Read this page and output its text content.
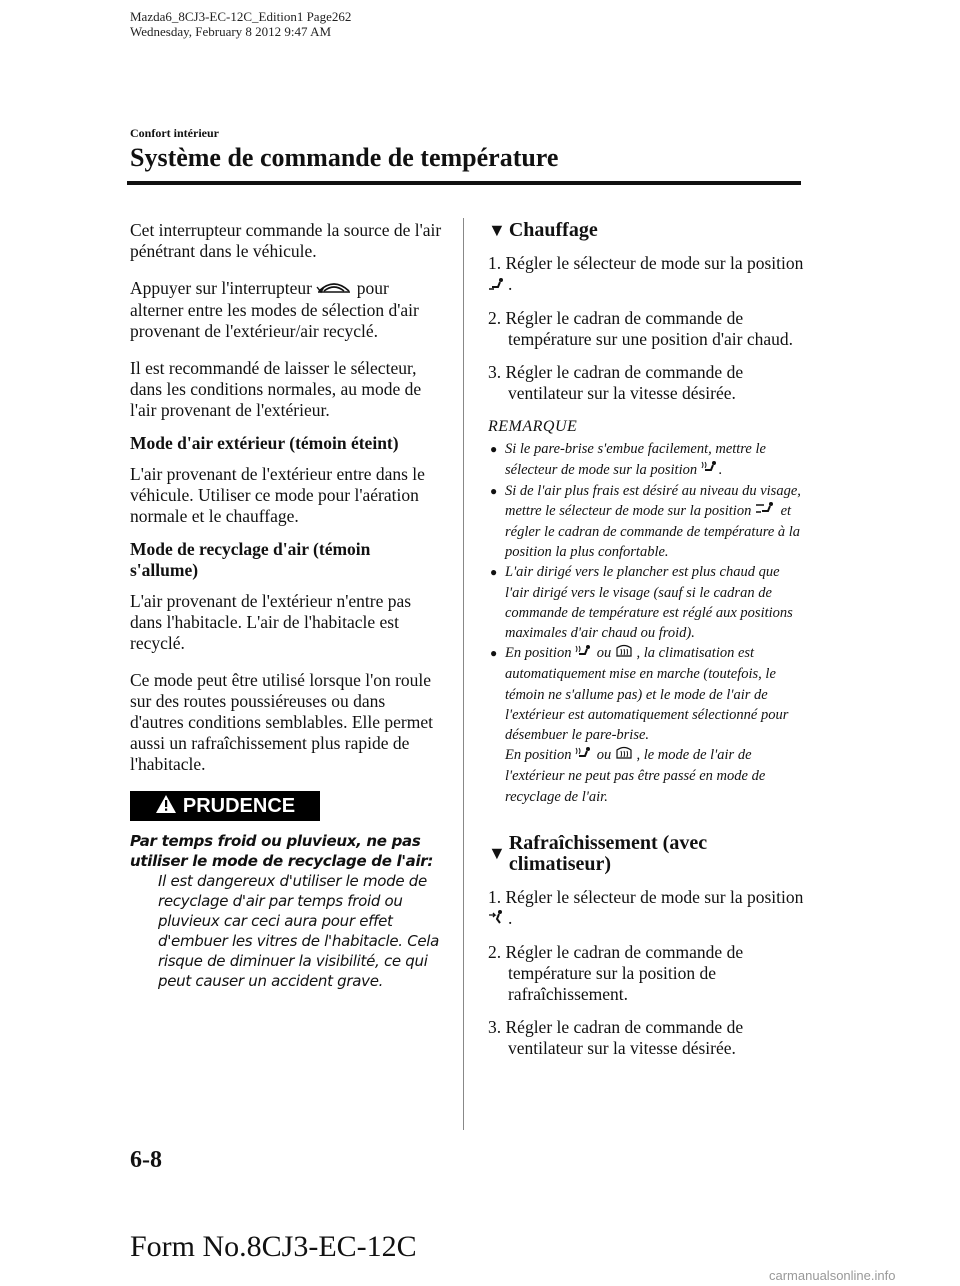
Mazda6_8CJ3-EC-12C_Edition1 Page262
Wednesday, February 8 2012 9:47 AM
Confort intérieur
Système de commande de température

Cet interrupteur commande la source de l'air pénétrant dans le véhicule.

Appuyer sur l'interrupteur	pour alterner entre les modes de sélection d'air provenant de l'extérieur/air recyclé.

Il est recommandé de laisser le sélecteur, dans les conditions normales, au mode de l'air provenant de l'extérieur.

Mode d'air extérieur (témoin éteint)

L'air provenant de l'extérieur entre dans le véhicule. Utiliser ce mode pour l'aération normale et le chauffage.

Mode de recyclage d'air (témoin s'allume)

L'air provenant de l'extérieur n'entre pas dans l'habitacle. L'air de l'habitacle est recyclé.

Ce mode peut être utilisé lorsque l'on roule sur des routes poussiéreuses ou dans d'autres conditions semblables. Elle permet aussi un rafraîchissement plus rapide de l'habitacle.

PRUDENCE
Par temps froid ou pluvieux, ne pas utiliser le mode de recyclage de l'air:
Il est dangereux d'utiliser le mode de recyclage d'air par temps froid ou pluvieux car ceci aura pour effet d'embuer les vitres de l'habitacle. Cela risque de diminuer la visibilité, ce qui peut causer un accident grave.
▼ Chauffage

1. Régler le sélecteur de mode sur la position .

2. Régler le cadran de commande de température sur une position d'air chaud.

3. Régler le cadran de commande de ventilateur sur la vitesse désirée.

REMARQUE
● Si le pare-brise s'embue facilement, mettre le sélecteur de mode sur la position .
● Si de l'air plus frais est désiré au niveau du visage, mettre le sélecteur de mode sur la position et régler le cadran de commande de température à la position la plus confortable.
● L'air dirigé vers le plancher est plus chaud que l'air dirigé vers le visage (sauf si le cadran de commande de température est réglé aux positions maximales d'air chaud ou froid).
● En position ou , la climatisation est automatiquement mise en marche (toutefois, le témoin ne s'allume pas) et le mode de l'air de l'extérieur est automatiquement sélectionné pour désembuer le pare-brise.
En position ou , le mode de l'air de l'extérieur ne peut pas être passé en mode de recyclage de l'air.
▼ Rafraîchissement (avec climatiseur)

1. Régler le sélecteur de mode sur la position .

2. Régler le cadran de commande de température sur la position de rafraîchissement.

3. Régler le cadran de commande de ventilateur sur la vitesse désirée.

6-8
Form No.8CJ3-EC-12C
carmanualsonline.info
